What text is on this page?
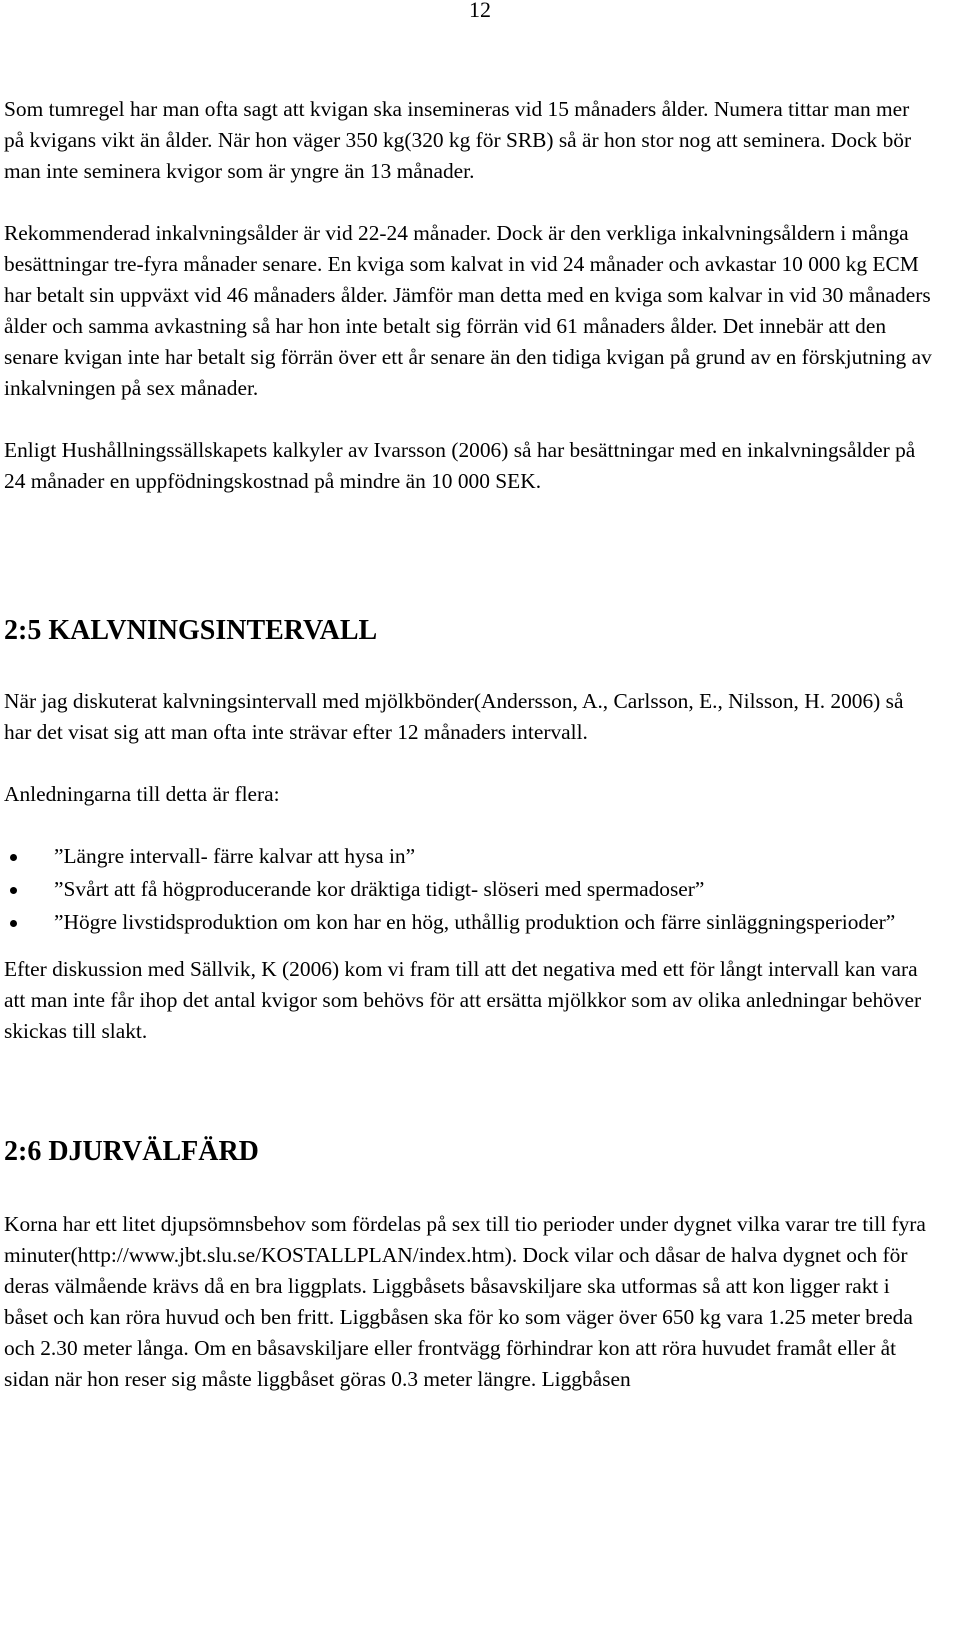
12

Som tumregel har man ofta sagt att kvigan ska insemineras vid 15 månaders ålder. Numera tittar man mer på kvigans vikt än ålder. När hon väger 350 kg(320 kg för SRB) så är hon stor nog att seminera. Dock bör man inte seminera kvigor som är yngre än 13 månader.

Rekommenderad inkalvningsålder är vid 22-24 månader. Dock är den verkliga inkalvningsåldern i många besättningar tre-fyra månader senare. En kviga som kalvat in vid 24 månader och avkastar 10 000 kg ECM har betalt sin uppväxt vid 46 månaders ålder. Jämför man detta med en kviga som kalvar in vid 30 månaders ålder och samma avkastning så har hon inte betalt sig förrän vid 61 månaders ålder. Det innebär att den senare kvigan inte har betalt sig förrän över ett år senare än den tidiga kvigan på grund av en förskjutning av inkalvningen på sex månader.

Enligt Hushållningssällskapets kalkyler av Ivarsson (2006) så har besättningar med en inkalvningsålder på 24 månader en uppfödningskostnad på mindre än 10 000 SEK.

2:5 KALVNINGSINTERVALL

När jag diskuterat kalvningsintervall med mjölkbönder(Andersson, A., Carlsson, E., Nilsson, H. 2006) så har det visat sig att man ofta inte strävar efter 12 månaders intervall.

Anledningarna till detta är flera:

”Längre intervall- färre kalvar att hysa in”
”Svårt att få högproducerande kor dräktiga tidigt- slöseri med spermadoser”
”Högre livstidsproduktion om kon har en hög, uthållig produktion och färre sinläggningsperioder”

Efter diskussion med Sällvik, K (2006) kom vi fram till att det negativa med ett för långt intervall kan vara att man inte får ihop det antal kvigor som behövs för att ersätta mjölkkor som av olika anledningar behöver skickas till slakt.

2:6 DJURVÄLFÄRD

Korna har ett litet djupsömnsbehov som fördelas på sex till tio perioder under dygnet vilka varar tre till fyra minuter(http://www.jbt.slu.se/KOSTALLPLAN/index.htm). Dock vilar och dåsar de halva dygnet och för deras välmående krävs då en bra liggplats. Liggbåsets båsavskiljare ska utformas så att kon ligger rakt i båset och kan röra huvud och ben fritt. Liggbåsen ska för ko som väger över 650 kg vara 1.25 meter breda och 2.30 meter långa. Om en båsavskiljare eller frontvägg förhindrar kon att röra huvudet framåt eller åt sidan när hon reser sig måste liggbåset göras 0.3 meter längre. Liggbåsen
